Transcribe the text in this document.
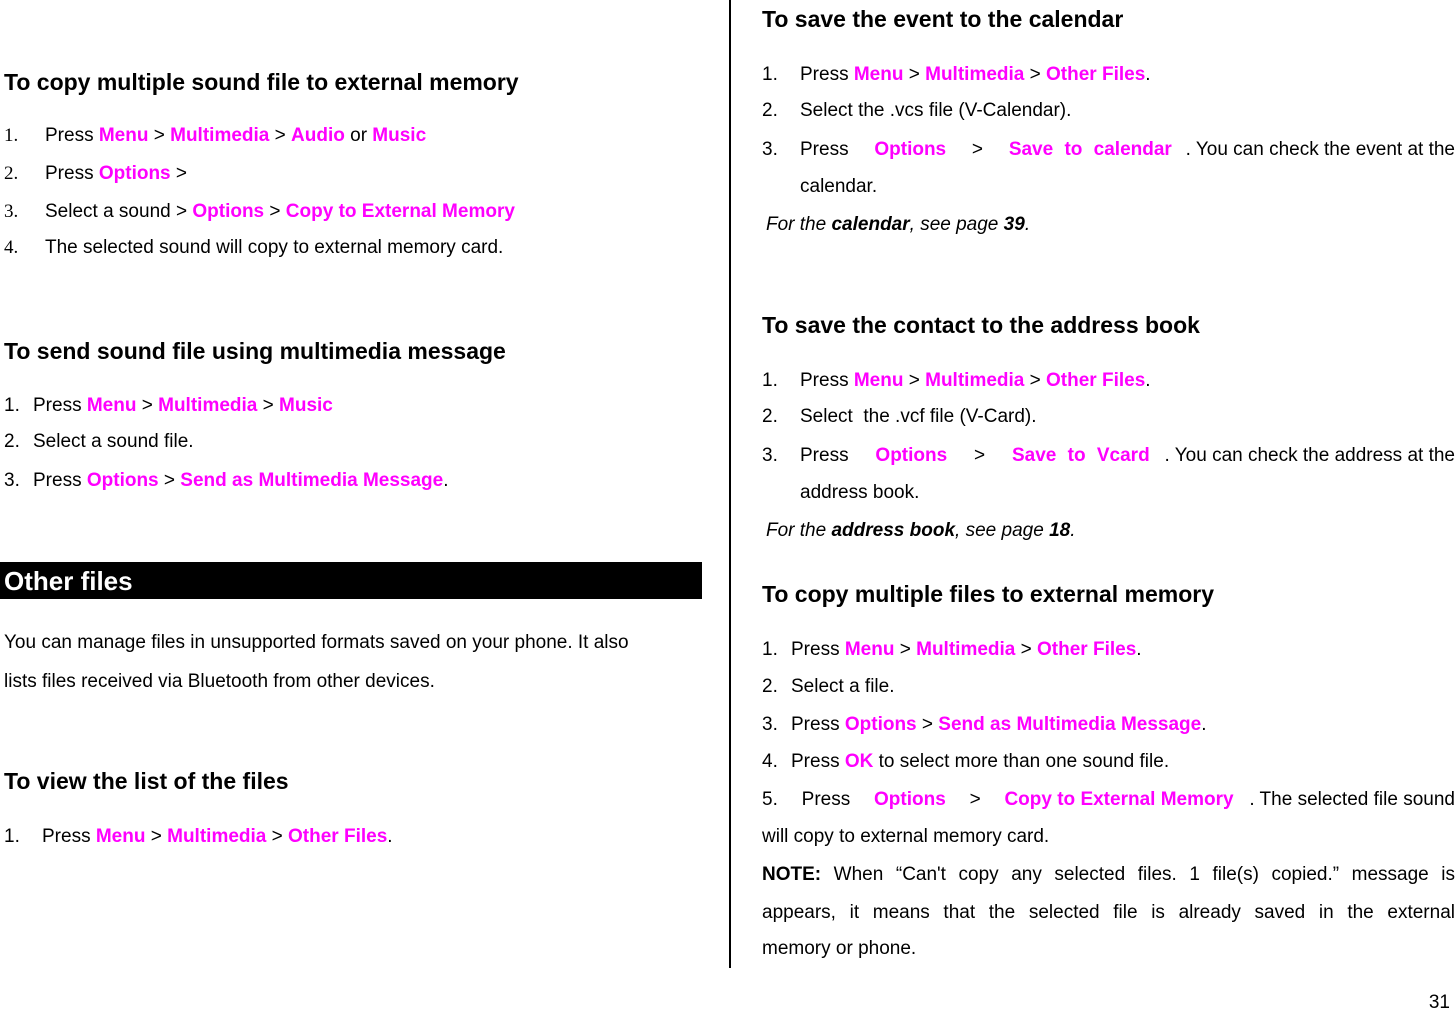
To copy multiple sound file to external memory
1. Press Menu > Multimedia > Audio or Music
2. Press Options >
3. Select a sound > Options > Copy to External Memory
4. The selected sound will copy to external memory card.
To send sound file using multimedia message
1. Press Menu > Multimedia > Music
2. Select a sound file.
3. Press Options > Send as Multimedia Message.
Other files
You can manage files in unsupported formats saved on your phone. It also
lists files received via Bluetooth from other devices.
To view the list of the files
1. Press Menu > Multimedia > Other Files.
To save the event to the calendar
1. Press Menu > Multimedia > Other Files.
2. Select the .vcs file (V-Calendar).
3.	Press Options > Save to calendar . You can check the event at the
calendar.
For the calendar, see page 39.
To save the contact to the address book
1. Press Menu > Multimedia > Other Files.
2. Select  the .vcf file (V-Card).
3.	Press Options > Save to Vcard . You can check the address at the
address book.
For the address book, see page 18.
To copy multiple files to external memory
1. Press Menu > Multimedia > Other Files.
2. Select a file.
3. Press Options > Send as Multimedia Message.
4. Press OK to select more than one sound file.
5. Press Options > Copy to External Memory . The selected file sound
will copy to external memory card.
NOTE: When “Can't copy any selected files. 1 file(s) copied.” message is
appears, it means that the selected file is already saved in the external
memory or phone.
31
